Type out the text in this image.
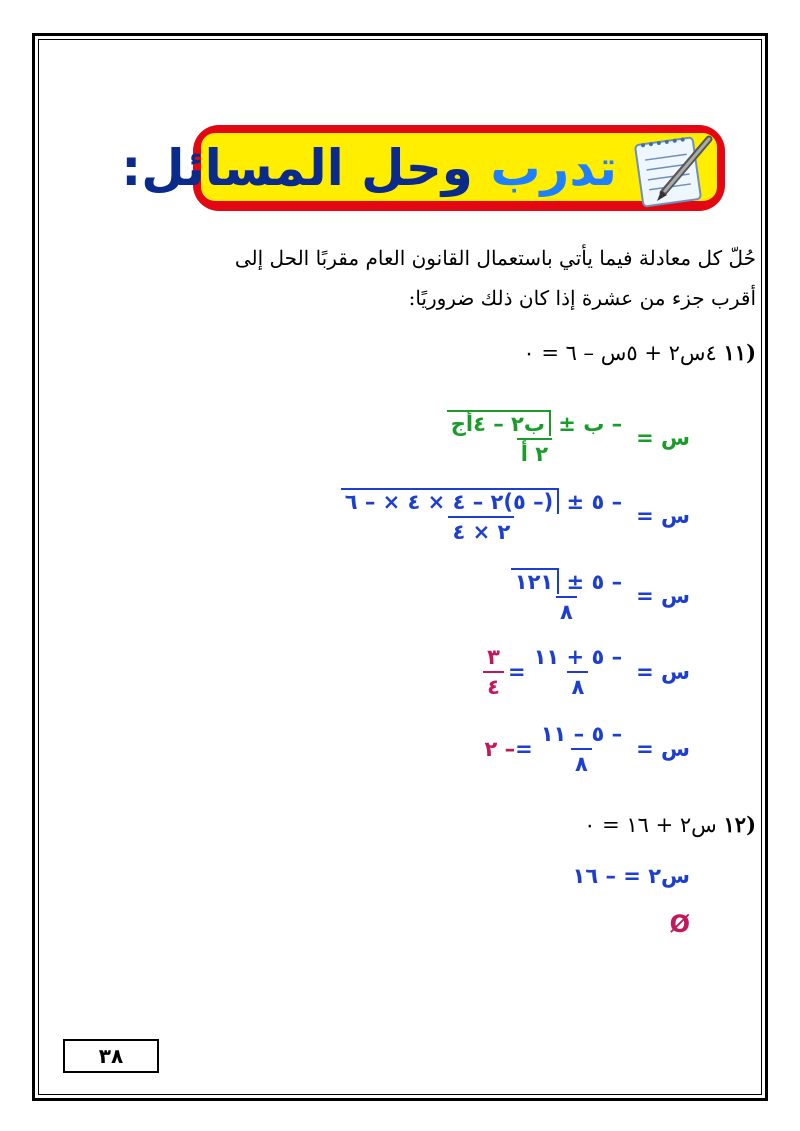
تدرب وحل المسائل:
حُلّ كل معادلة فيما يأتي باستعمال القانون العام مقربًا الحل إلى
أقرب جزء من عشرة إذا كان ذلك ضروريًا:
(١١ ٤س٢ + ٥س – ٦ = ٠
س =
$\frac{\text{– ب ± ب٢ – ٤أج}}{\text{٢ أ}}$
س =
$\frac{- ٥ \pm (- ٥)٢ - ٤ \times ٤ \times - ٦}{٢ \times ٤}$
س =
$\frac{- ٥ \pm ١٢١}{٨}$
س =
$\frac{- ٥ + ١١}{٨}$
=
$\frac{٣}{٤}$
س =
$\frac{- ٥ - ١١}{٨}$
=
– ٢
(١٢ س٢ + ١٦ = ٠
س٢ = – ١٦
Ø
٣٨
